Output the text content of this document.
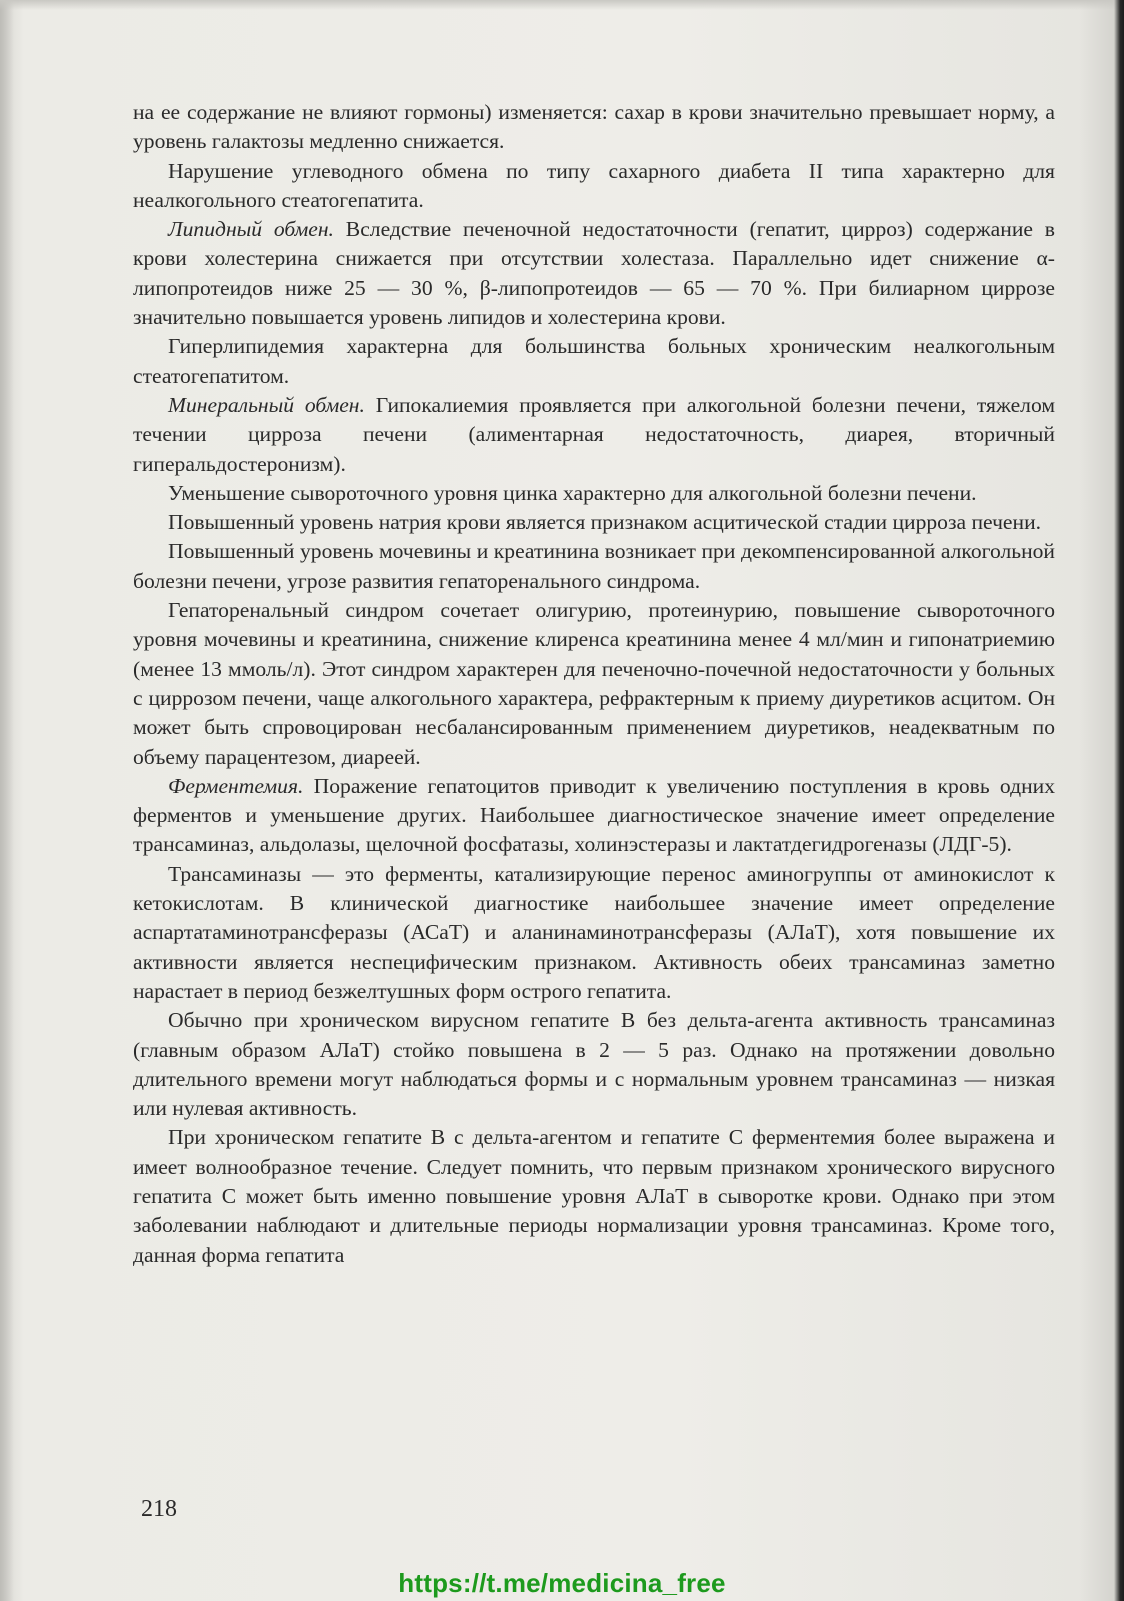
на ее содержание не влияют гормоны) изменяется: сахар в крови значительно превышает норму, а уровень галактозы медленно снижается.

Нарушение углеводного обмена по типу сахарного диабета II типа характерно для неалкогольного стеатогепатита.

Липидный обмен. Вследствие печеночной недостаточности (гепатит, цирроз) содержание в крови холестерина снижается при отсутствии холестаза. Параллельно идет снижение α-липопротеидов ниже 25 — 30 %, β-липопротеидов — 65 — 70 %. При билиарном циррозе значительно повышается уровень липидов и холестерина крови.

Гиперлипидемия характерна для большинства больных хроническим неалкогольным стеатогепатитом.

Минеральный обмен. Гипокалиемия проявляется при алкогольной болезни печени, тяжелом течении цирроза печени (алиментарная недостаточность, диарея, вторичный гиперальдостеронизм).

Уменьшение сывороточного уровня цинка характерно для алкогольной болезни печени.

Повышенный уровень натрия крови является признаком асцитической стадии цирроза печени.

Повышенный уровень мочевины и креатинина возникает при декомпенсированной алкогольной болезни печени, угрозе развития гепаторенального синдрома.

Гепаторенальный синдром сочетает олигурию, протеинурию, повышение сывороточного уровня мочевины и креатинина, снижение клиренса креатинина менее 4 мл/мин и гипонатриемию (менее 13 ммоль/л). Этот синдром характерен для печеночно-почечной недостаточности у больных с циррозом печени, чаще алкогольного характера, рефрактерным к приему диуретиков асцитом. Он может быть спровоцирован несбалансированным применением диуретиков, неадекватным по объему парацентезом, диареей.

Ферментемия. Поражение гепатоцитов приводит к увеличению поступления в кровь одних ферментов и уменьшение других. Наибольшее диагностическое значение имеет определение трансаминаз, альдолазы, щелочной фосфатазы, холинэстеразы и лактатдегидрогеназы (ЛДГ-5).

Трансаминазы — это ферменты, катализирующие перенос аминогруппы от аминокислот к кетокислотам. В клинической диагностике наибольшее значение имеет определение аспартатаминотрансферазы (АСаТ) и аланинаминотрансферазы (АЛаТ), хотя повышение их активности является неспецифическим признаком. Активность обеих трансаминаз заметно нарастает в период безжелтушных форм острого гепатита.

Обычно при хроническом вирусном гепатите В без дельта-агента активность трансаминаз (главным образом АЛаТ) стойко повышена в 2 — 5 раз. Однако на протяжении довольно длительного времени могут наблюдаться формы и с нормальным уровнем трансаминаз — низкая или нулевая активность.

При хроническом гепатите В с дельта-агентом и гепатите С ферментемия более выражена и имеет волнообразное течение. Следует помнить, что первым признаком хронического вирусного гепатита С может быть именно повышение уровня АЛаТ в сыворотке крови. Однако при этом заболевании наблюдают и длительные периоды нормализации уровня трансаминаз. Кроме того, данная форма гепатита

218
https://t.me/medicina_free
